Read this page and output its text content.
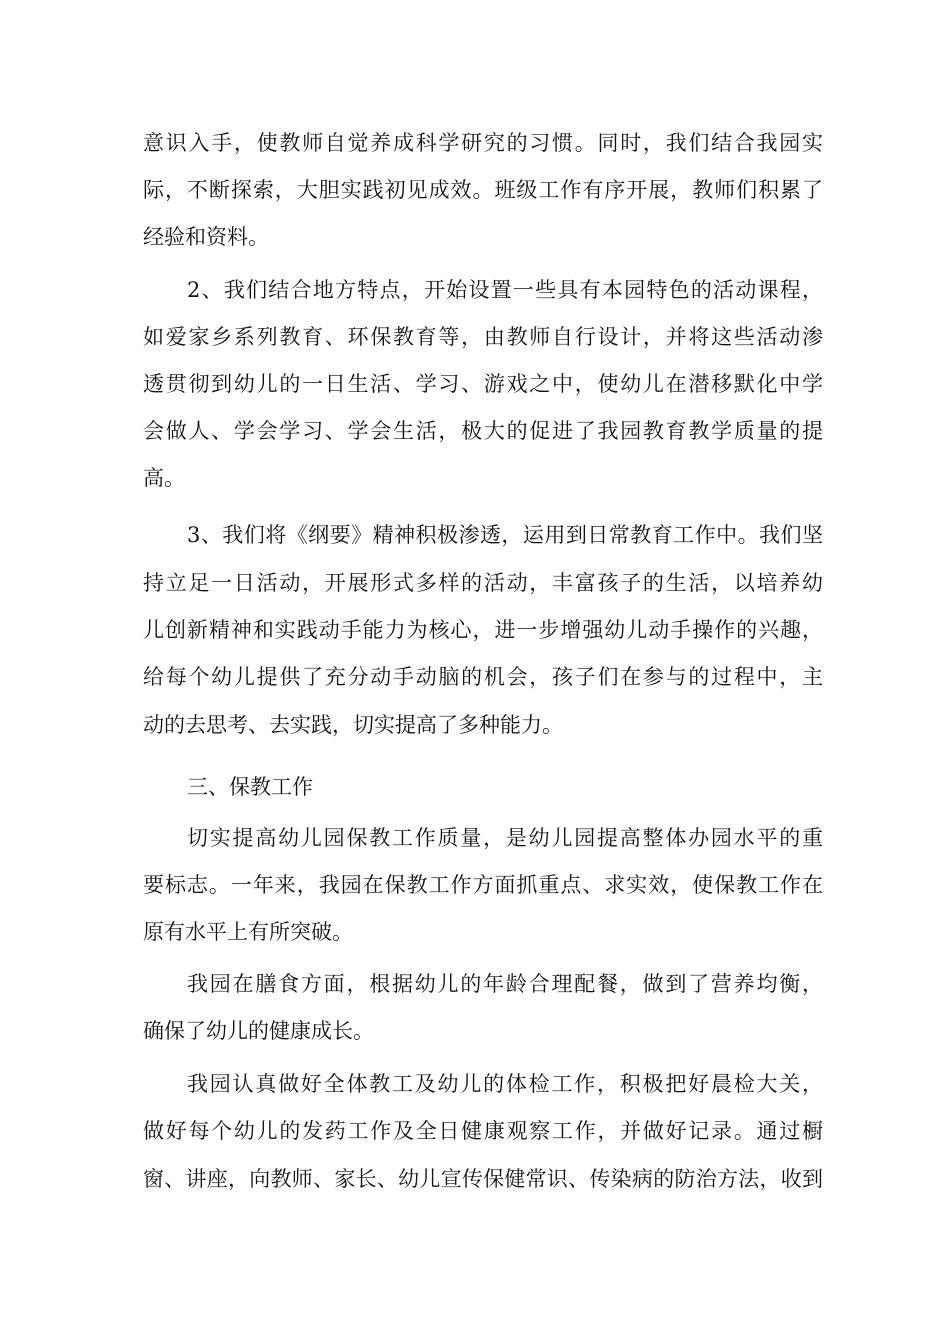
意识入手，使教师自觉养成科学研究的习惯。同时，我们结合我园实
际，不断探索，大胆实践初见成效。班级工作有序开展，教师们积累了
经验和资料。
2、我们结合地方特点，开始设置一些具有本园特色的活动课程，
如爱家乡系列教育、环保教育等，由教师自行设计，并将这些活动渗
透贯彻到幼儿的一日生活、学习、游戏之中，使幼儿在潜移默化中学
会做人、学会学习、学会生活，极大的促进了我园教育教学质量的提
高。
3、我们将《纲要》精神积极渗透，运用到日常教育工作中。我们坚
持立足一日活动，开展形式多样的活动，丰富孩子的生活，以培养幼
儿创新精神和实践动手能力为核心，进一步增强幼儿动手操作的兴趣，
给每个幼儿提供了充分动手动脑的机会，孩子们在参与的过程中，主
动的去思考、去实践，切实提高了多种能力。
三、保教工作
切实提高幼儿园保教工作质量，是幼儿园提高整体办园水平的重
要标志。一年来，我园在保教工作方面抓重点、求实效，使保教工作在
原有水平上有所突破。
我园在膳食方面，根据幼儿的年龄合理配餐，做到了营养均衡，
确保了幼儿的健康成长。
我园认真做好全体教工及幼儿的体检工作，积极把好晨检大关，
做好每个幼儿的发药工作及全日健康观察工作，并做好记录。通过橱
窗、讲座，向教师、家长、幼儿宣传保健常识、传染病的防治方法，收到
